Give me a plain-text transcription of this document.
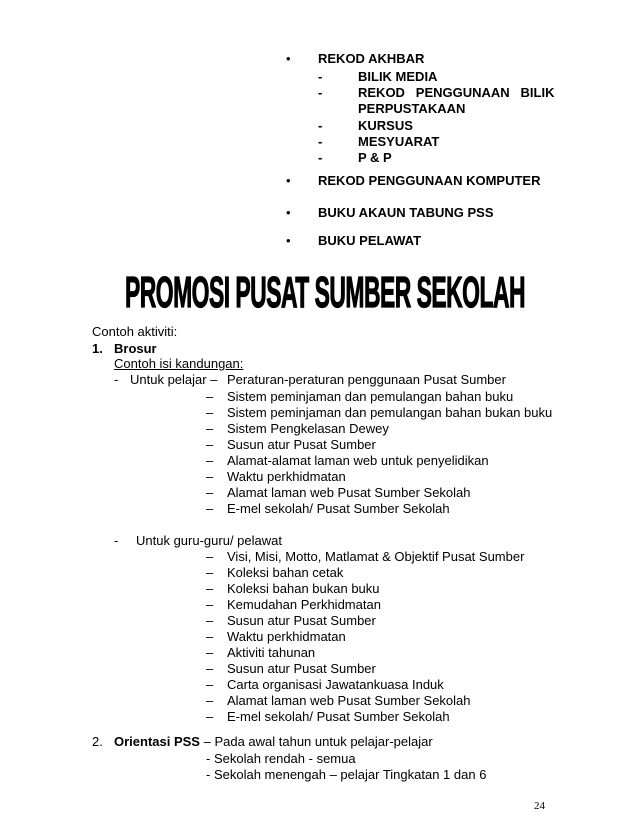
• REKOD AKHBAR
-	BILIK MEDIA
-	REKOD   PENGGUNAAN   BILIK
PERPUSTAKAAN
-	KURSUS
-	MESYUARAT
-	P & P
• REKOD PENGGUNAAN KOMPUTER
• BUKU AKAUN TABUNG PSS
• BUKU PELAWAT
PROMOSI PUSAT SUMBER SEKOLAH
Contoh aktiviti:
1. Brosur
Contoh isi kandungan:
- Untuk pelajar – Peraturan-peraturan penggunaan Pusat Sumber
– Sistem peminjaman dan pemulangan bahan buku
– Sistem peminjaman dan pemulangan bahan bukan buku
– Sistem Pengkelasan Dewey
– Susun atur Pusat Sumber
– Alamat-alamat laman web untuk penyelidikan
– Waktu perkhidmatan
– Alamat laman web Pusat Sumber Sekolah
– E-mel sekolah/ Pusat Sumber Sekolah
- Untuk guru-guru/ pelawat
– Visi, Misi, Motto, Matlamat & Objektif Pusat Sumber
– Koleksi bahan cetak
– Koleksi bahan bukan buku
– Kemudahan Perkhidmatan
– Susun atur Pusat Sumber
– Waktu perkhidmatan
– Aktiviti tahunan
– Susun atur Pusat Sumber
– Carta organisasi Jawatankuasa Induk
– Alamat laman web Pusat Sumber Sekolah
– E-mel sekolah/ Pusat Sumber Sekolah
2. Orientasi PSS – Pada awal tahun untuk pelajar-pelajar
- Sekolah rendah - semua
- Sekolah menengah – pelajar Tingkatan 1 dan 6
24
